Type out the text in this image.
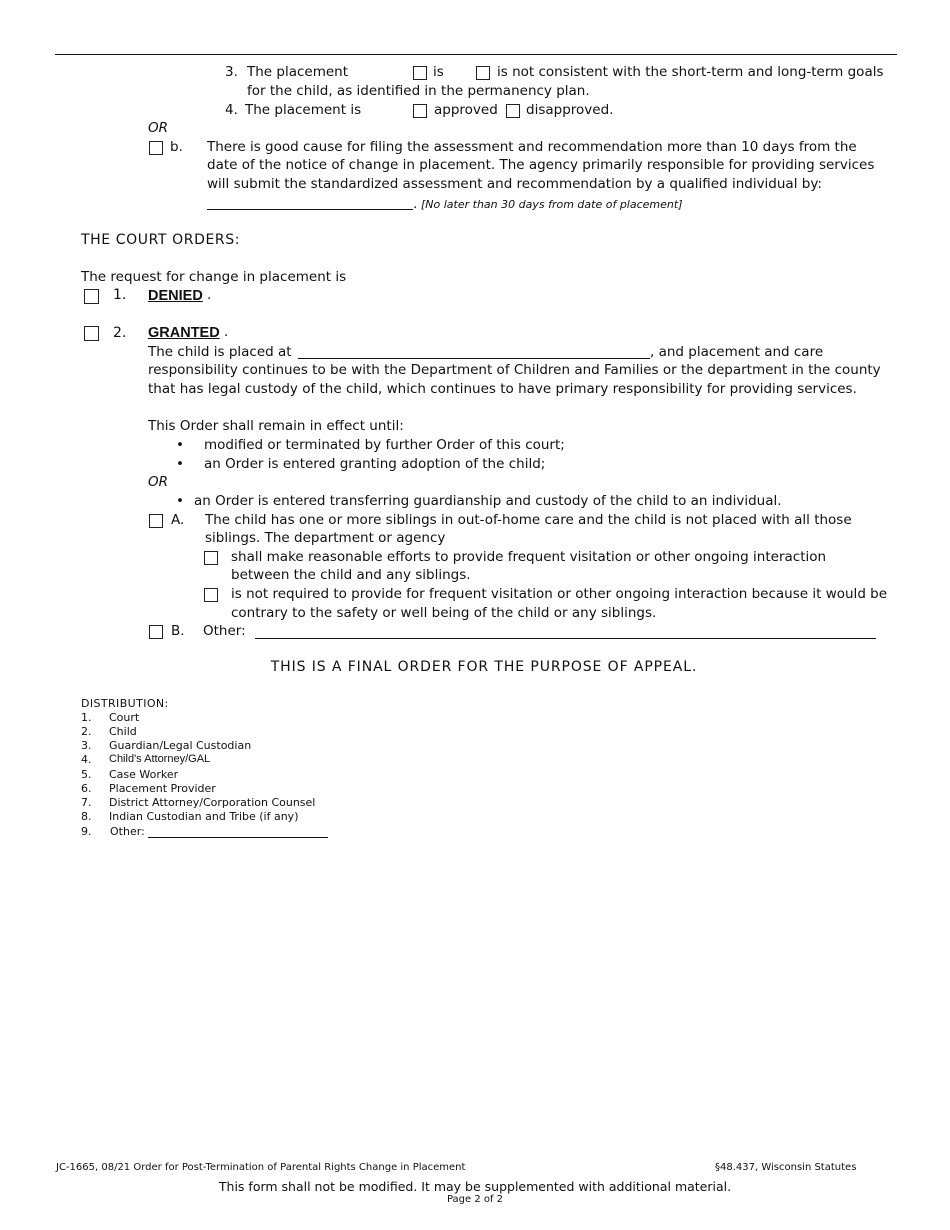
3. The placement	is	is not consistent with the short-term and long-term goals
for the child, as identified in the permanency plan.
4. The placement is	approved disapproved.
OR
b. There is good cause for filing the assessment and recommendation more than 10 days from the
date of the notice of change in placement. The agency primarily responsible for providing services
will submit the standardized assessment and recommendation by a qualified individual by:
. [No later than 30 days from date of placement]
THE COURT ORDERS:
The request for change in placement is
1. DENIED .
2. GRANTED .
The child is placed at	, and placement and care
responsibility continues to be with the Department of Children and Families or the department in the county
that has legal custody of the child, which continues to have primary responsibility for providing services.
This Order shall remain in effect until:
•
modified or terminated by further Order of this court;
•
an Order is entered granting adoption of the child;
OR
•
an Order is entered transferring guardianship and custody of the child to an individual.
A. The child has one or more siblings in out-of-home care and the child is not placed with all those
siblings. The department or agency
shall make reasonable efforts to provide frequent visitation or other ongoing interaction
between the child and any siblings.
is not required to provide for frequent visitation or other ongoing interaction because it would be
contrary to the safety or well being of the child or any siblings.
B. Other:
THIS IS A FINAL ORDER FOR THE PURPOSE OF APPEAL.
DISTRIBUTION:
1. Court
2. Child
3. Guardian/Legal Custodian
4. Child's Attorney/GAL
5. Case Worker
6. Placement Provider
7. District Attorney/Corporation Counsel
8. Indian Custodian and Tribe (if any)
9. Other:
JC-1665, 08/21 Order for Post-Termination of Parental Rights Change in Placement	§48.437, Wisconsin Statutes
This form shall not be modified. It may be supplemented with additional material.
Page 2 of 2
